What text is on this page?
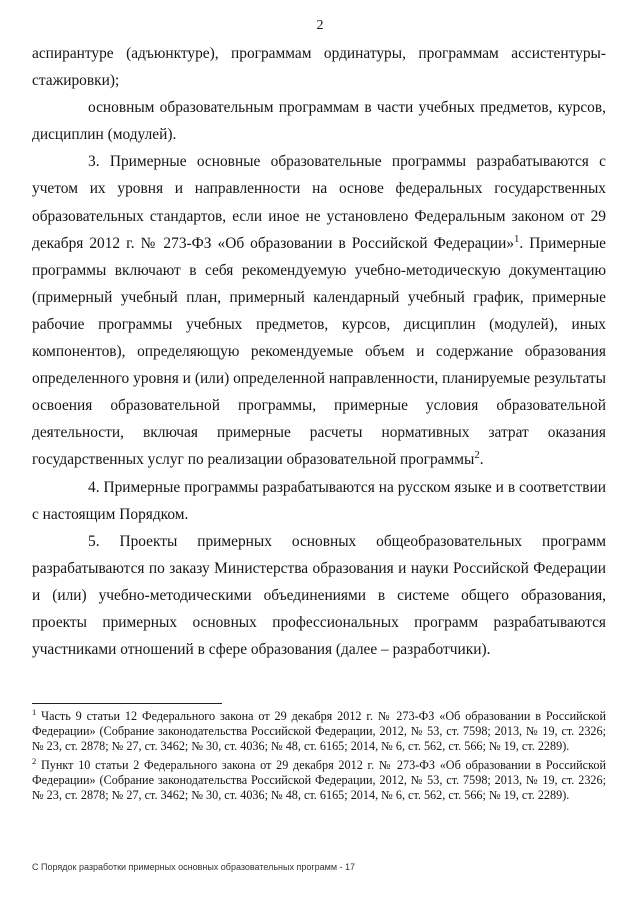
2

аспирантуре (адъюнктуре), программам ординатуры, программам ассистентуры-стажировки);

основным образовательным программам в части учебных предметов, курсов, дисциплин (модулей).

3. Примерные основные образовательные программы разрабатываются с учетом их уровня и направленности на основе федеральных государственных образовательных стандартов, если иное не установлено Федеральным законом от 29 декабря 2012 г. № 273-ФЗ «Об образовании в Российской Федерации»$^1$. Примерные программы включают в себя рекомендуемую учебно-методическую документацию (примерный учебный план, примерный календарный учебный график, примерные рабочие программы учебных предметов, курсов, дисциплин (модулей), иных компонентов), определяющую рекомендуемые объем и содержание образования определенного уровня и (или) определенной направленности, планируемые результаты освоения образовательной программы, примерные условия образовательной деятельности, включая примерные расчеты нормативных затрат оказания государственных услуг по реализации образовательной программы$^2$.

4. Примерные программы разрабатываются на русском языке и в соответствии с настоящим Порядком.

5. Проекты примерных основных общеобразовательных программ разрабатываются по заказу Министерства образования и науки Российской Федерации и (или) учебно-методическими объединениями в системе общего образования, проекты примерных основных профессиональных программ разрабатываются участниками отношений в сфере образования (далее – разработчики).

$^1$ Часть 9 статьи 12 Федерального закона от 29 декабря 2012 г. № 273-ФЗ «Об образовании в Российской Федерации» (Собрание законодательства Российской Федерации, 2012, № 53, ст. 7598; 2013, № 19, ст. 2326; № 23, ст. 2878; № 27, ст. 3462; № 30, ст. 4036; № 48, ст. 6165; 2014, № 6, ст. 562, ст. 566; № 19, ст. 2289).

$^2$ Пункт 10 статьи 2 Федерального закона от 29 декабря 2012 г. № 273-ФЗ «Об образовании в Российской Федерации» (Собрание законодательства Российской Федерации, 2012, № 53, ст. 7598; 2013, № 19, ст. 2326; № 23, ст. 2878; № 27, ст. 3462; № 30, ст. 4036; № 48, ст. 6165; 2014, № 6, ст. 562, ст. 566; № 19, ст. 2289).

С Порядок разработки примерных основных образовательных программ - 17
